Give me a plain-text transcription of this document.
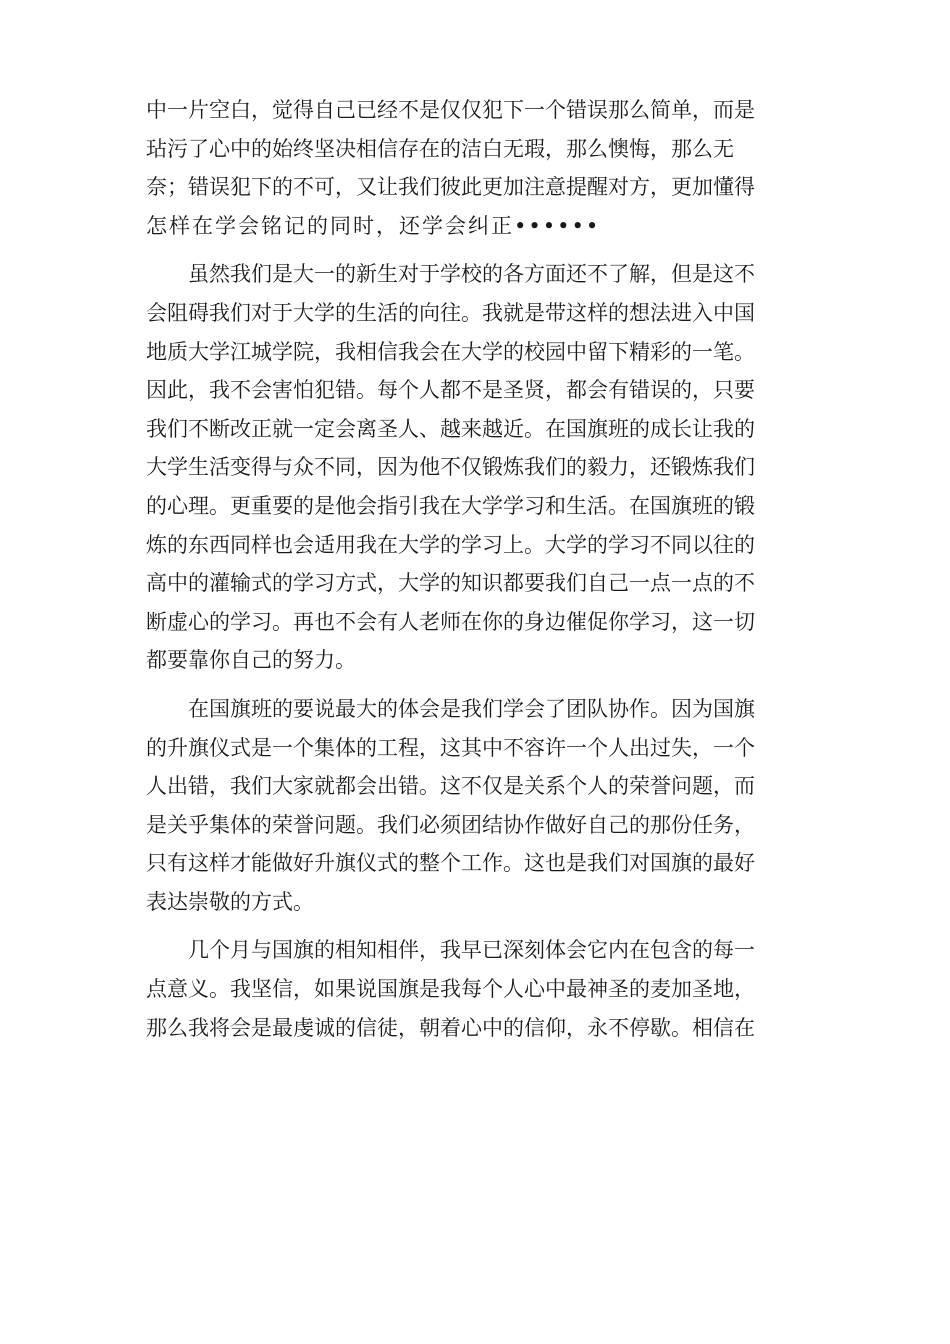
中一片空白，觉得自己已经不是仅仅犯下一个错误那么简单，而是
玷污了心中的始终坚决相信存在的洁白无瑕，那么懊悔，那么无
奈；错误犯下的不可，又让我们彼此更加注意提醒对方，更加懂得
怎样在学会铭记的同时，还学会纠正••••••
虽然我们是大一的新生对于学校的各方面还不了解，但是这不
会阻碍我们对于大学的生活的向往。我就是带这样的想法进入中国
地质大学江城学院，我相信我会在大学的校园中留下精彩的一笔。
因此，我不会害怕犯错。每个人都不是圣贤，都会有错误的，只要
我们不断改正就一定会离圣人、越来越近。在国旗班的成长让我的
大学生活变得与众不同，因为他不仅锻炼我们的毅力，还锻炼我们
的心理。更重要的是他会指引我在大学学习和生活。在国旗班的锻
炼的东西同样也会适用我在大学的学习上。大学的学习不同以往的
高中的灌输式的学习方式，大学的知识都要我们自己一点一点的不
断虚心的学习。再也不会有人老师在你的身边催促你学习，这一切
都要靠你自己的努力。
在国旗班的要说最大的体会是我们学会了团队协作。因为国旗
的升旗仪式是一个集体的工程，这其中不容许一个人出过失，一个
人出错，我们大家就都会出错。这不仅是关系个人的荣誉问题，而
是关乎集体的荣誉问题。我们必须团结协作做好自己的那份任务，
只有这样才能做好升旗仪式的整个工作。这也是我们对国旗的最好
表达崇敬的方式。
几个月与国旗的相知相伴，我早已深刻体会它内在包含的每一
点意义。我坚信，如果说国旗是我每个人心中最神圣的麦加圣地，
那么我将会是最虔诚的信徒，朝着心中的信仰，永不停歇。相信在
